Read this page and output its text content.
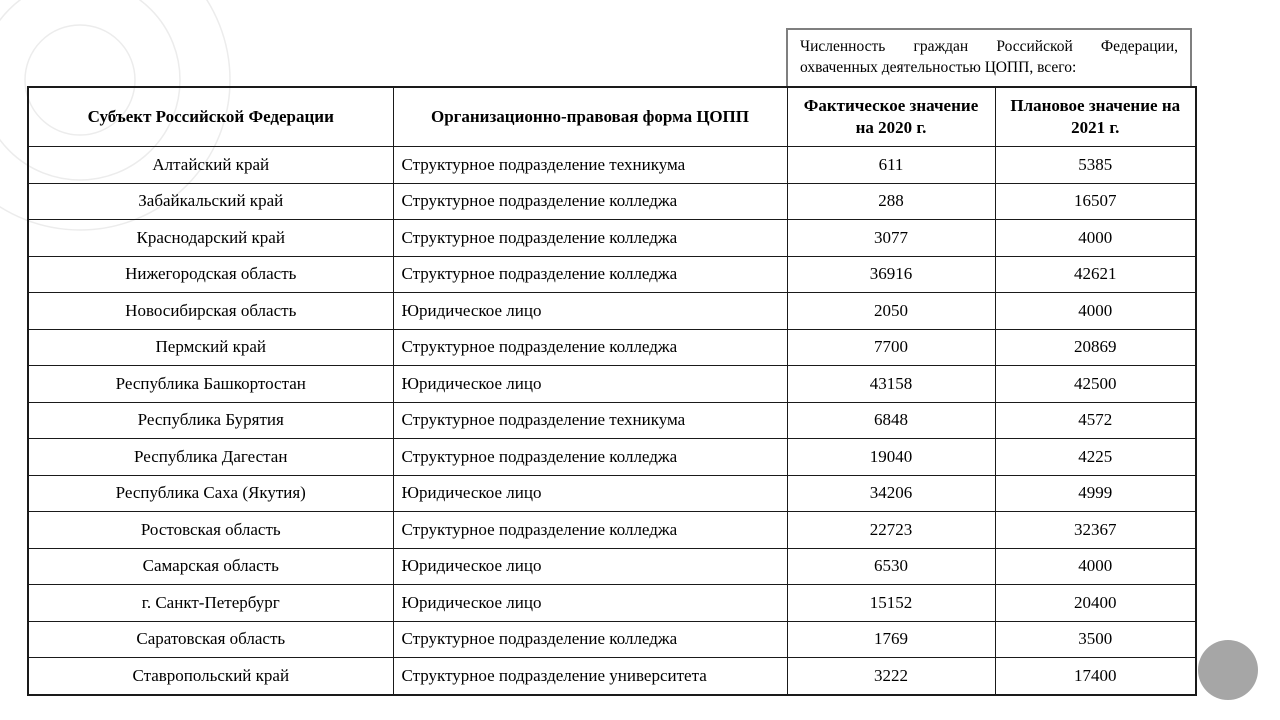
Численность граждан Российской Федерации, охваченных деятельностью ЦОПП, всего:
Субъект Российской Федерации	Организационно-правовая форма ЦОПП	Фактическое значение на 2020 г.	Плановое значение на 2021 г.
Алтайский край	Структурное подразделение техникума	611	5385
Забайкальский край	Структурное подразделение колледжа	288	16507
Краснодарский край	Структурное подразделение колледжа	3077	4000
Нижегородская область	Структурное подразделение колледжа	36916	42621
Новосибирская область	Юридическое лицо	2050	4000
Пермский край	Структурное подразделение колледжа	7700	20869
Республика Башкортостан	Юридическое лицо	43158	42500
Республика Бурятия	Структурное подразделение техникума	6848	4572
Республика Дагестан	Структурное подразделение колледжа	19040	4225
Республика Саха (Якутия)	Юридическое лицо	34206	4999
Ростовская область	Структурное подразделение колледжа	22723	32367
Самарская область	Юридическое лицо	6530	4000
г. Санкт-Петербург	Юридическое лицо	15152	20400
Саратовская область	Структурное подразделение колледжа	1769	3500
Ставропольский край	Структурное подразделение университета	3222	17400
